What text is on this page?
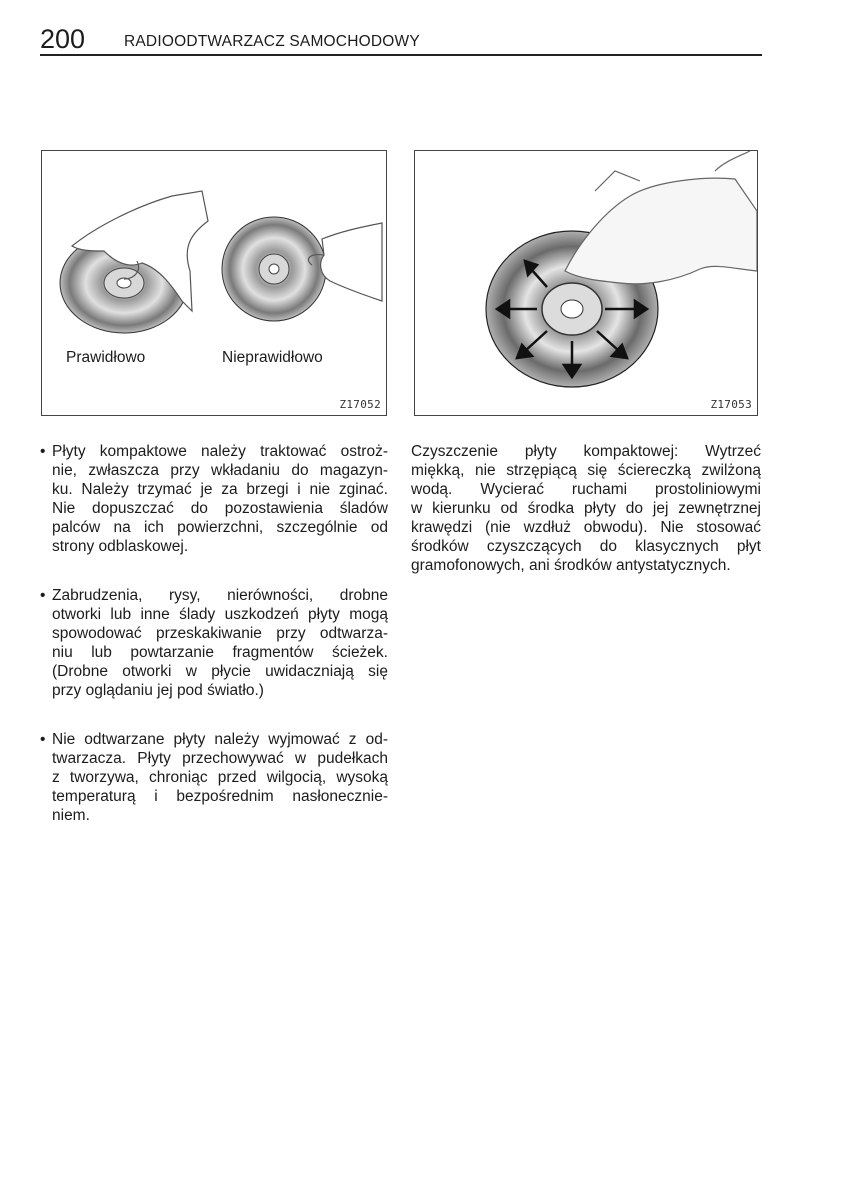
200	RADIOODTWARZACZ SAMOCHODOWY
Prawidłowo	Nieprawidłowo
Z17052	Z17053
• Płyty kompaktowe należy traktować ostroż-
nie, zwłaszcza przy wkładaniu do magazyn-
ku. Należy trzymać je za brzegi i nie zginać.
Nie dopuszczać do pozostawienia śladów
palców na ich powierzchni, szczególnie od
strony odblaskowej.
• Zabrudzenia, rysy, nierówności, drobne
otworki lub inne ślady uszkodzeń płyty mogą
spowodować przeskakiwanie przy odtwarza-
niu lub powtarzanie fragmentów ścieżek.
(Drobne otworki w płycie uwidaczniają się
przy oglądaniu jej pod światło.)
• Nie odtwarzane płyty należy wyjmować z od-
twarzacza. Płyty przechowywać w pudełkach
z tworzywa, chroniąc przed wilgocią, wysoką
temperaturą i bezpośrednim nasłonecznie-
niem.
Czyszczenie płyty kompaktowej: Wytrzeć
miękką, nie strzępiącą się ściereczką zwilżoną
wodą. Wycierać ruchami prostoliniowymi
w kierunku od środka płyty do jej zewnętrznej
krawędzi (nie wzdłuż obwodu). Nie stosować
środków czyszczących do klasycznych płyt
gramofonowych, ani środków antystatycznych.
